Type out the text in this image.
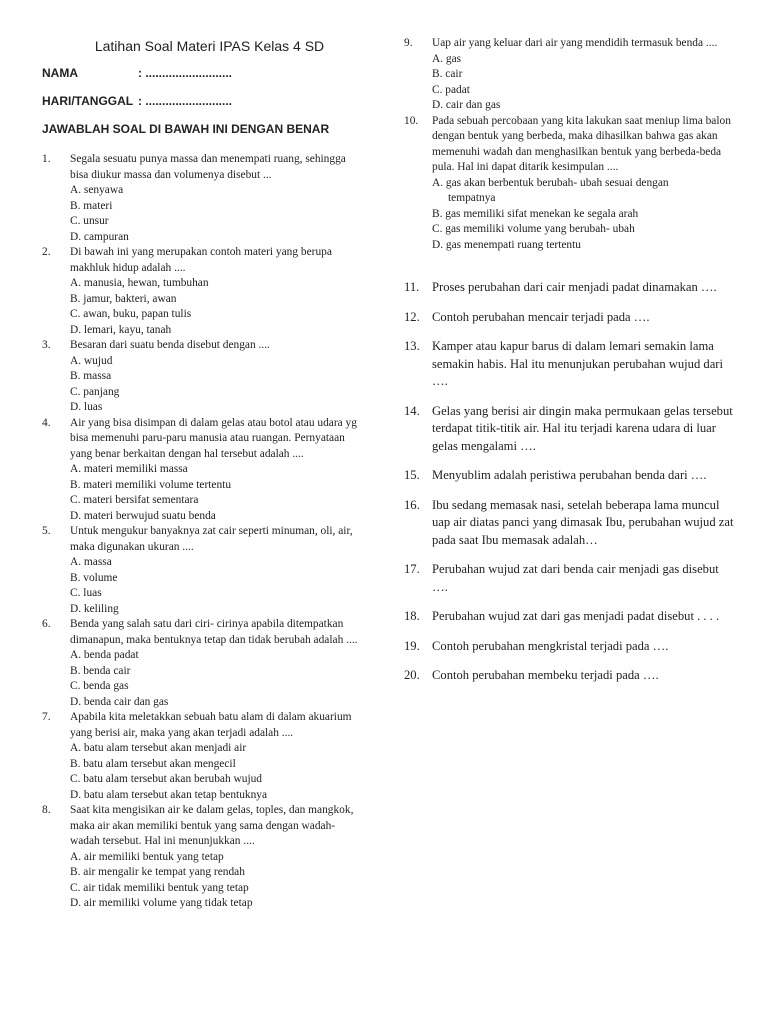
Latihan Soal Materi IPAS Kelas 4 SD
NAMA	: ..........................
HARI/TANGGAL : ..........................
JAWABLAH SOAL DI BAWAH INI DENGAN BENAR
1.	Segala sesuatu punya massa dan menempati ruang, sehingga bisa diukur massa dan volumenya disebut ...
A. senyawa
B. materi
C. unsur
D. campuran
2.	Di bawah ini yang merupakan contoh materi yang berupa makhluk hidup adalah ....
A. manusia, hewan, tumbuhan
B. jamur, bakteri, awan
C. awan, buku, papan tulis
D. lemari, kayu, tanah
3.	Besaran dari suatu benda disebut dengan ....
A. wujud
B. massa
C. panjang
D. luas
4.	Air yang bisa disimpan di dalam gelas atau botol atau udara yg bisa memenuhi paru-paru manusia atau ruangan. Pernyataan yang benar berkaitan dengan hal tersebut adalah ....
A. materi memiliki massa
B. materi memiliki volume tertentu
C. materi bersifat sementara
D. materi berwujud suatu benda
5.	Untuk mengukur banyaknya zat cair seperti minuman, oli, air, maka digunakan ukuran ....
A. massa
B. volume
C. luas
D. keliling
6.	Benda yang salah satu dari ciri- cirinya apabila ditempatkan dimanapun, maka bentuknya tetap dan tidak berubah adalah ....
A. benda padat
B. benda cair
C. benda gas
D. benda cair dan gas
7.	Apabila kita meletakkan sebuah batu alam di dalam akuarium yang berisi air, maka yang akan terjadi adalah ....
A. batu alam tersebut akan menjadi air
B. batu alam tersebut akan mengecil
C. batu alam tersebut akan berubah wujud
D. batu alam tersebut akan tetap bentuknya
8.	Saat kita mengisikan air ke dalam gelas, toples, dan mangkok, maka air akan memiliki bentuk yang sama dengan wadah- wadah tersebut. Hal ini menunjukkan ....
A. air memiliki bentuk yang tetap
B. air mengalir ke tempat yang rendah
C. air tidak memiliki bentuk yang tetap
D. air memiliki volume yang tidak tetap
9.	Uap air yang keluar dari air yang mendidih termasuk benda ....
A. gas
B. cair
C. padat
D. cair dan gas
10.	Pada sebuah percobaan yang kita lakukan saat meniup lima balon dengan bentuk yang berbeda, maka dihasilkan bahwa gas akan memenuhi wadah dan menghasilkan bentuk yang berbeda-beda pula. Hal ini dapat ditarik kesimpulan ....
A. gas akan berbentuk berubah- ubah sesuai dengan
tempatnya
B. gas memiliki sifat menekan ke segala arah
C. gas memiliki volume yang berubah- ubah
D. gas menempati ruang tertentu
11.	Proses perubahan dari cair menjadi padat dinamakan ….
12. Contoh perubahan mencair terjadi pada ….
13. Kamper atau kapur barus di dalam lemari semakin lama semakin habis. Hal itu menunjukan perubahan wujud dari ….
14. Gelas yang berisi air dingin maka permukaan gelas tersebut terdapat titik-titik air. Hal itu terjadi karena udara di luar gelas mengalami ….
15. Menyublim adalah peristiwa perubahan benda dari ….
16. Ibu sedang memasak nasi, setelah beberapa lama muncul uap air diatas panci yang dimasak Ibu, perubahan wujud zat pada saat Ibu memasak adalah…
17. Perubahan wujud zat dari benda cair menjadi gas disebut ….
18. Perubahan wujud zat dari gas menjadi padat disebut . . . .
19. Contoh perubahan mengkristal terjadi pada ….
20. Contoh perubahan membeku terjadi pada ….
